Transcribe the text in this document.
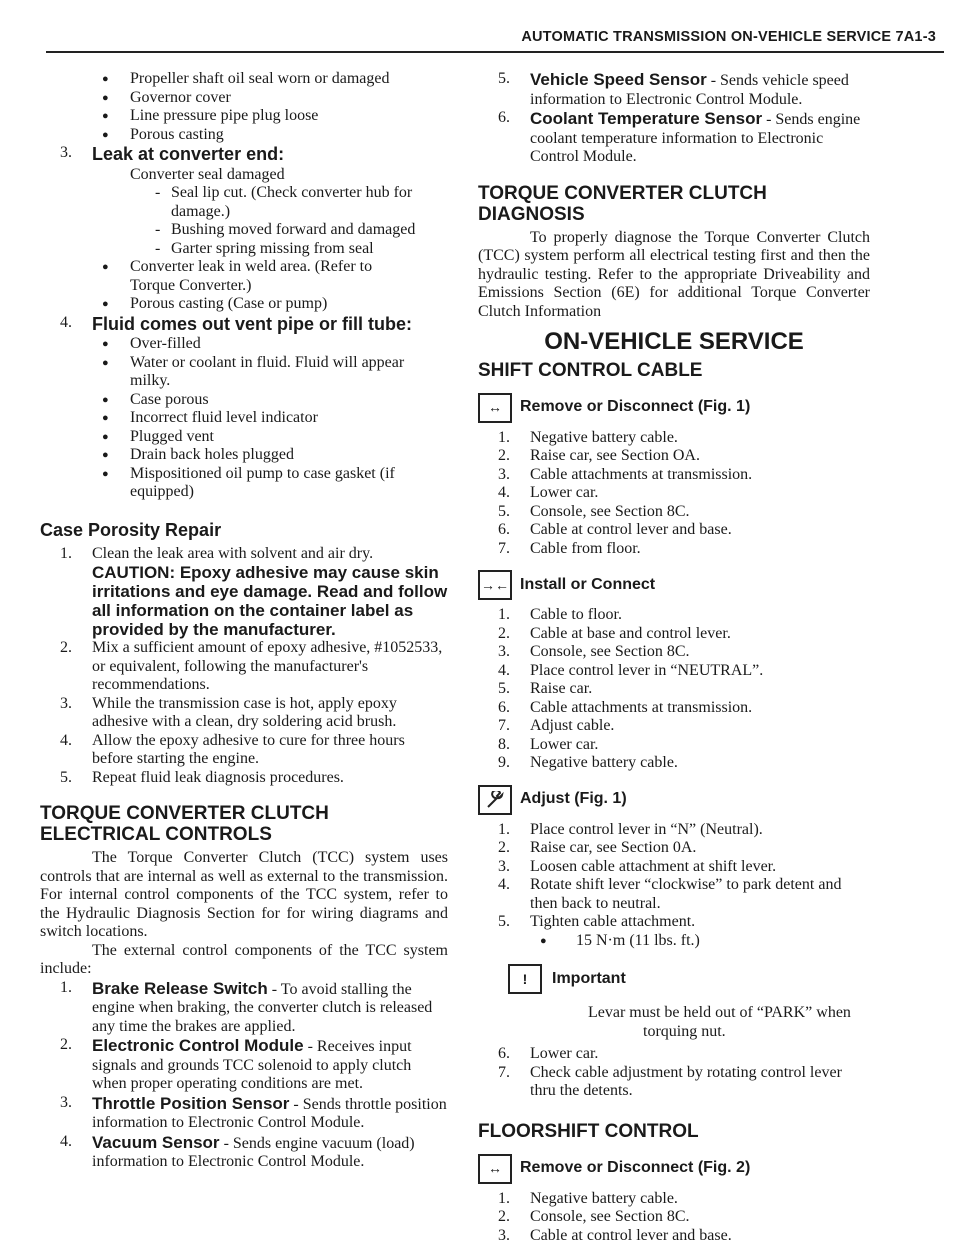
AUTOMATIC TRANSMISSION ON-VEHICLE SERVICE 7A1-3
● Propeller shaft oil seal worn or damaged
● Governor cover
● Line pressure pipe plug loose
● Porous casting
3. Leak at converter end:
Converter seal damaged
- Seal lip cut. (Check converter hub for
damage.)
- Bushing moved forward and damaged
- Garter spring missing from seal
● Converter leak in weld area. (Refer to
Torque Converter.)
● Porous casting (Case or pump)
4. Fluid comes out vent pipe or fill tube:
● Over-filled
● Water or coolant in fluid. Fluid will appear
milky.
● Case porous
● Incorrect fluid level indicator
● Plugged vent
● Drain back holes plugged
● Mispositioned oil pump to case gasket (if
equipped)
Case Porosity Repair
1. Clean the leak area with solvent and air dry.
CAUTION: Epoxy adhesive may cause skin irritations and eye damage. Read and follow all information on the container label as provided by the manufacturer.
2. Mix a sufficient amount of epoxy adhesive, #1052533, or equivalent, following the manufacturer's recommendations.
3. While the transmission case is hot, apply epoxy adhesive with a clean, dry soldering acid brush.
4. Allow the epoxy adhesive to cure for three hours before starting the engine.
5. Repeat fluid leak diagnosis procedures.
TORQUE CONVERTER CLUTCH ELECTRICAL CONTROLS
The Torque Converter Clutch (TCC) system uses controls that are internal as well as external to the transmission. For internal control components of the TCC system, refer to the Hydraulic Diagnosis Section for for wiring diagrams and switch locations.
The external control components of the TCC system include:
1. Brake Release Switch - To avoid stalling the engine when braking, the converter clutch is released any time the brakes are applied.
2. Electronic Control Module - Receives input signals and grounds TCC solenoid to apply clutch when proper operating conditions are met.
3. Throttle Position Sensor - Sends throttle position information to Electronic Control Module.
4. Vacuum Sensor - Sends engine vacuum (load) information to Electronic Control Module.
5. Vehicle Speed Sensor - Sends vehicle speed information to Electronic Control Module.
6. Coolant Temperature Sensor - Sends engine coolant temperature information to Electronic Control Module.
TORQUE CONVERTER CLUTCH DIAGNOSIS
To properly diagnose the Torque Converter Clutch (TCC) system perform all electrical testing first and then the hydraulic testing. Refer to the appropriate Driveability and Emissions Section (6E) for additional Torque Converter Clutch Information
ON-VEHICLE SERVICE
SHIFT CONTROL CABLE
↔	Remove or Disconnect (Fig. 1)
1. Negative battery cable.
2. Raise car, see Section OA.
3. Cable attachments at transmission.
4. Lower car.
5. Console, see Section 8C.
6. Cable at control lever and base.
7. Cable from floor.
→← Install or Connect
1. Cable to floor.
2. Cable at base and control lever.
3. Console, see Section 8C.
4. Place control lever in “NEUTRAL”.
5. Raise car.
6. Cable attachments at transmission.
7. Adjust cable.
8. Lower car.
9. Negative battery cable.
Adjust (Fig. 1)
1. Place control lever in “N” (Neutral).
2. Raise car, see Section 0A.
3. Loosen cable attachment at shift lever.
4. Rotate shift lever “clockwise” to park detent and then back to neutral.
5. Tighten cable attachment.
● 15 N·m (11 lbs. ft.)
!	Important
Levar must be held out of “PARK” when
torquing nut.
6. Lower car.
7. Check cable adjustment by rotating control lever thru the detents.
FLOORSHIFT CONTROL
↔	Remove or Disconnect (Fig. 2)
1. Negative battery cable.
2. Console, see Section 8C.
3. Cable at control lever and base.
